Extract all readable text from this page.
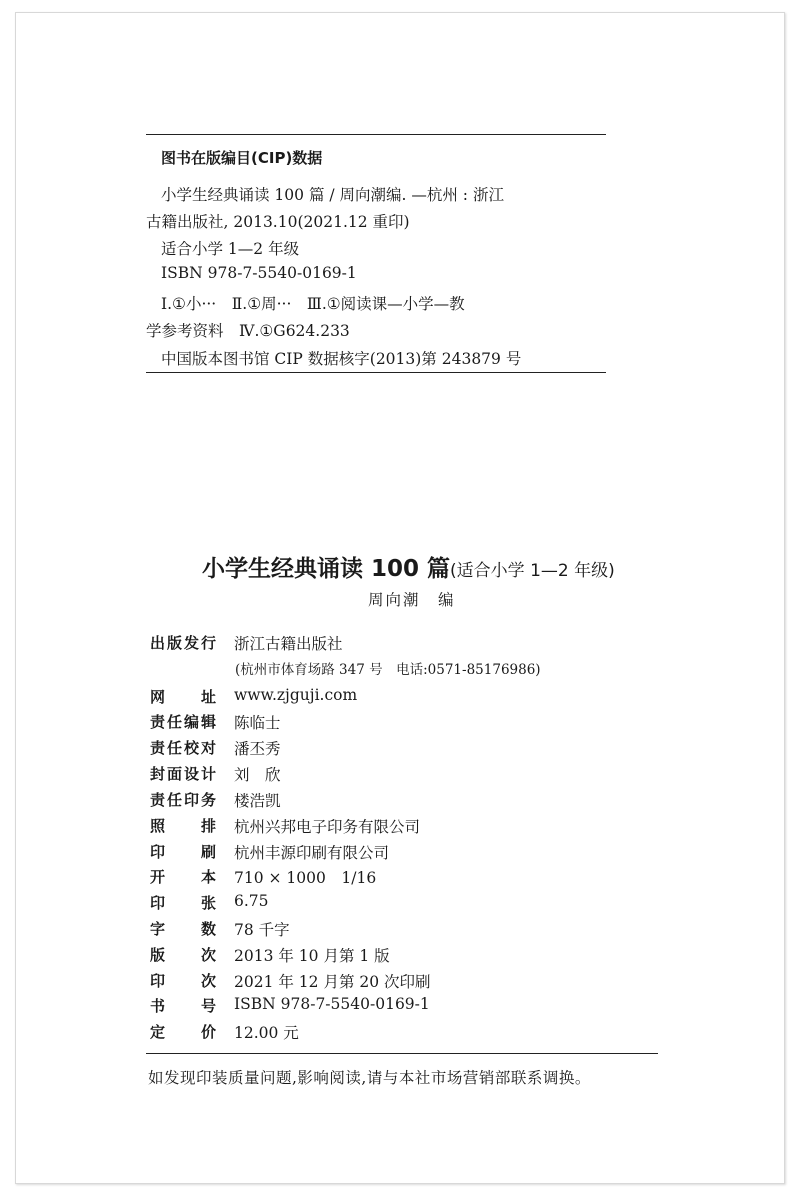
图书在版编目(CIP)数据
小学生经典诵读 100 篇 / 周向潮编. —杭州 : 浙江
古籍出版社, 2013.10(2021.12 重印)
适合小学 1—2 年级
ISBN 978-7-5540-0169-1
Ⅰ.①小···　Ⅱ.①周···　Ⅲ.①阅读课—小学—教
学参考资料　Ⅳ.①G624.233
中国版本图书馆 CIP 数据核字(2013)第 243879 号
小学生经典诵读 100 篇(适合小学 1—2 年级)
周向潮　编
出版发行 浙江古籍出版社
(杭州市体育场路 347 号　电话:0571-85176986)
网址 www.zjguji.com
责任编辑 陈临士
责任校对 潘丕秀
封面设计 刘　欣
责任印务 楼浩凯
照排 杭州兴邦电子印务有限公司
印刷 杭州丰源印刷有限公司
开本 710 × 1000　1/16
印张 6.75
字数 78 千字
版次 2013 年 10 月第 1 版
印次 2021 年 12 月第 20 次印刷
书号 ISBN 978-7-5540-0169-1
定价 12.00 元
如发现印装质量问题,影响阅读,请与本社市场营销部联系调换。
